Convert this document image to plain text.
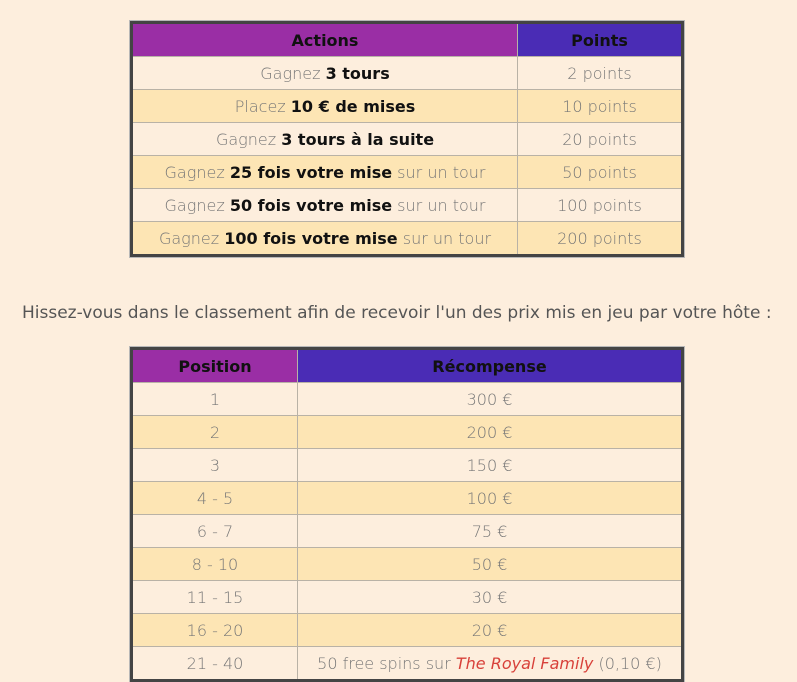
Actions	Points
Gagnez 3 tours	2 points
Placez 10 € de mises	10 points
Gagnez 3 tours à la suite	20 points
Gagnez 25 fois votre mise sur un tour	50 points
Gagnez 50 fois votre mise sur un tour	100 points
Gagnez 100 fois votre mise sur un tour	200 points
Hissez-vous dans le classement afin de recevoir l'un des prix mis en jeu par votre hôte :
Position	Récompense
1	300 €
2	200 €
3	150 €
4 - 5	100 €
6 - 7	75 €
8 - 10	50 €
11 - 15	30 €
16 - 20	20 €
21 - 40	50 free spins sur The Royal Family (0,10 €)
